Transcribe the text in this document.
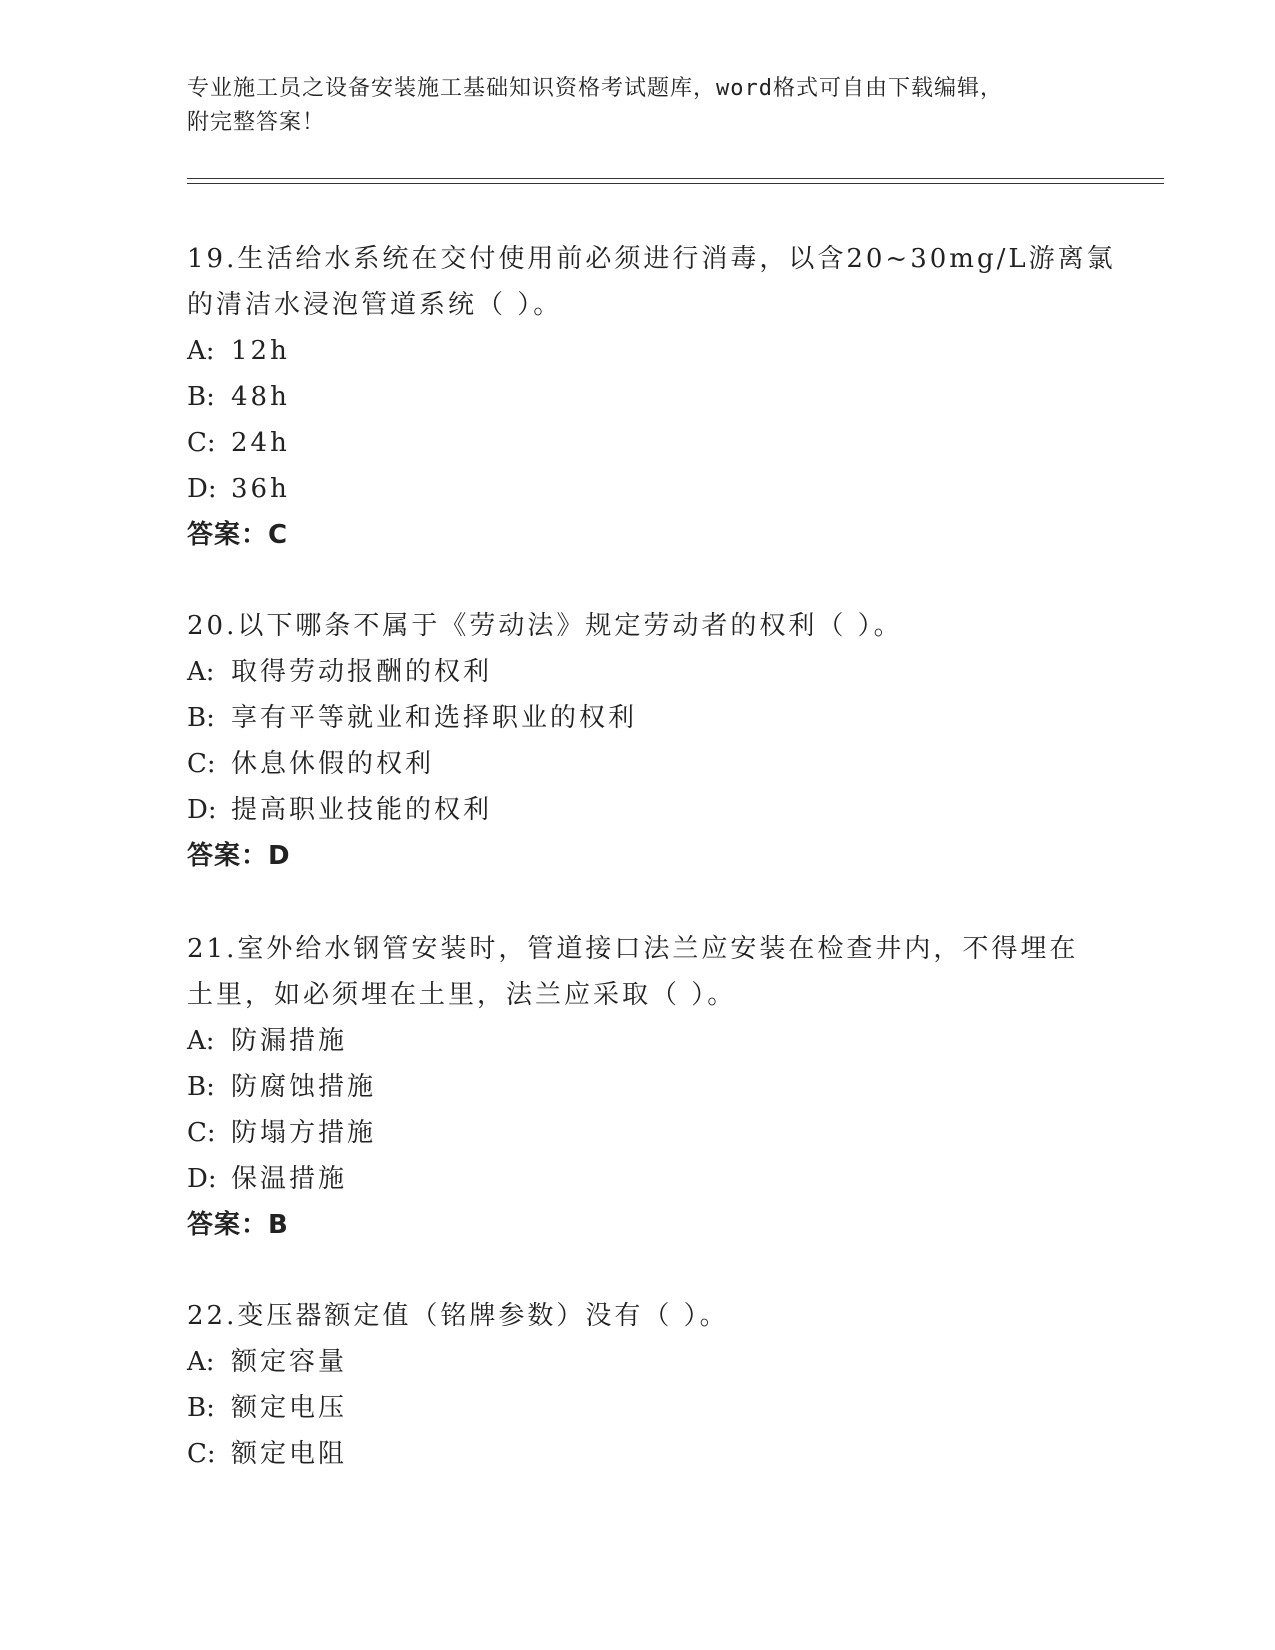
专业施工员之设备安装施工基础知识资格考试题库，word格式可自由下载编辑，
附完整答案！
19.生活给水系统在交付使用前必须进行消毒，以含20~30mg/L游离氯
的清洁水浸泡管道系统（ ）。
A: 12h
B: 48h
C: 24h
D: 36h
答案：C
20.以下哪条不属于《劳动法》规定劳动者的权利（ ）。
A: 取得劳动报酬的权利
B: 享有平等就业和选择职业的权利
C: 休息休假的权利
D: 提高职业技能的权利
答案：D
21.室外给水钢管安装时，管道接口法兰应安装在检查井内，不得埋在
土里，如必须埋在土里，法兰应采取（ ）。
A: 防漏措施
B: 防腐蚀措施
C: 防塌方措施
D: 保温措施
答案：B
22.变压器额定值（铭牌参数）没有（ ）。
A: 额定容量
B: 额定电压
C: 额定电阻
